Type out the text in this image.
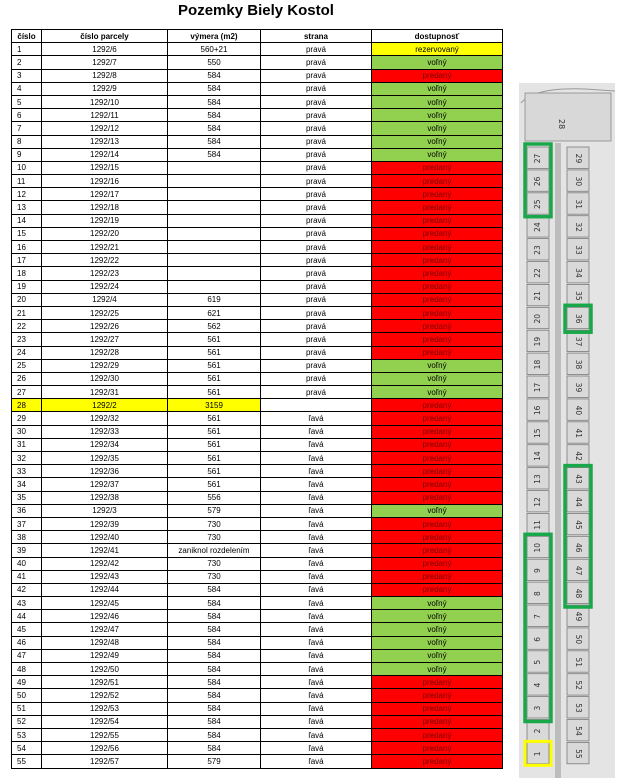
Pozemky Biely Kostol
číslo	číslo parcely	výmera (m2)	strana	dostupnosť
1	1292/6	560+21	pravá	rezervovaný
2	1292/7	550	pravá	voľný
3	1292/8	584	pravá	predaný
4	1292/9	584	pravá	voľný
5	1292/10	584	pravá	voľný
6	1292/11	584	pravá	voľný
7	1292/12	584	pravá	voľný
8	1292/13	584	pravá	voľný
9	1292/14	584	pravá	voľný
10	1292/15		pravá	predaný
11	1292/16		pravá	predaný
12	1292/17		pravá	predaný
13	1292/18		pravá	predaný
14	1292/19		pravá	predaný
15	1292/20		pravá	predaný
16	1292/21		pravá	predaný
17	1292/22		pravá	predaný
18	1292/23		pravá	predaný
19	1292/24		pravá	predaný
20	1292/4	619	pravá	predaný
21	1292/25	621	pravá	predaný
22	1292/26	562	pravá	predaný
23	1292/27	561	pravá	predaný
24	1292/28	561	pravá	predaný
25	1292/29	561	pravá	voľný
26	1292/30	561	pravá	voľný
27	1292/31	561	pravá	voľný
28	1292/2	3159		predaný
29	1292/32	561	ľavá	predaný
30	1292/33	561	ľavá	predaný
31	1292/34	561	ľavá	predaný
32	1292/35	561	ľavá	predaný
33	1292/36	561	ľavá	predaný
34	1292/37	561	ľavá	predaný
35	1292/38	556	ľavá	predaný
36	1292/3	579	ľavá	voľný
37	1292/39	730	ľavá	predaný
38	1292/40	730	ľavá	predaný
39	1292/41	zaniknol rozdelením	ľavá	predaný
40	1292/42	730	ľavá	predaný
41	1292/43	730	ľavá	predaný
42	1292/44	584	ľavá	predaný
43	1292/45	584	ľavá	voľný
44	1292/46	584	ľavá	voľný
45	1292/47	584	ľavá	voľný
46	1292/48	584	ľavá	voľný
47	1292/49	584	ľavá	voľný
48	1292/50	584	ľavá	voľný
49	1292/51	584	ľavá	predaný
50	1292/52	584	ľavá	predaný
51	1292/53	584	ľavá	predaný
52	1292/54	584	ľavá	predaný
53	1292/55	584	ľavá	predaný
54	1292/56	584	ľavá	predaný
55	1292/57	579	ľavá	predaný
28
27
26
25
24
23
22
21
20
19
18
17
16
15
14
13
12
11
10
9
8
7
6
5
4
3
2
1
29
30
31
32
33
34
35
36
37
38
39
40
41
42
43
44
45
46
47
48
49
50
51
52
53
54
55
